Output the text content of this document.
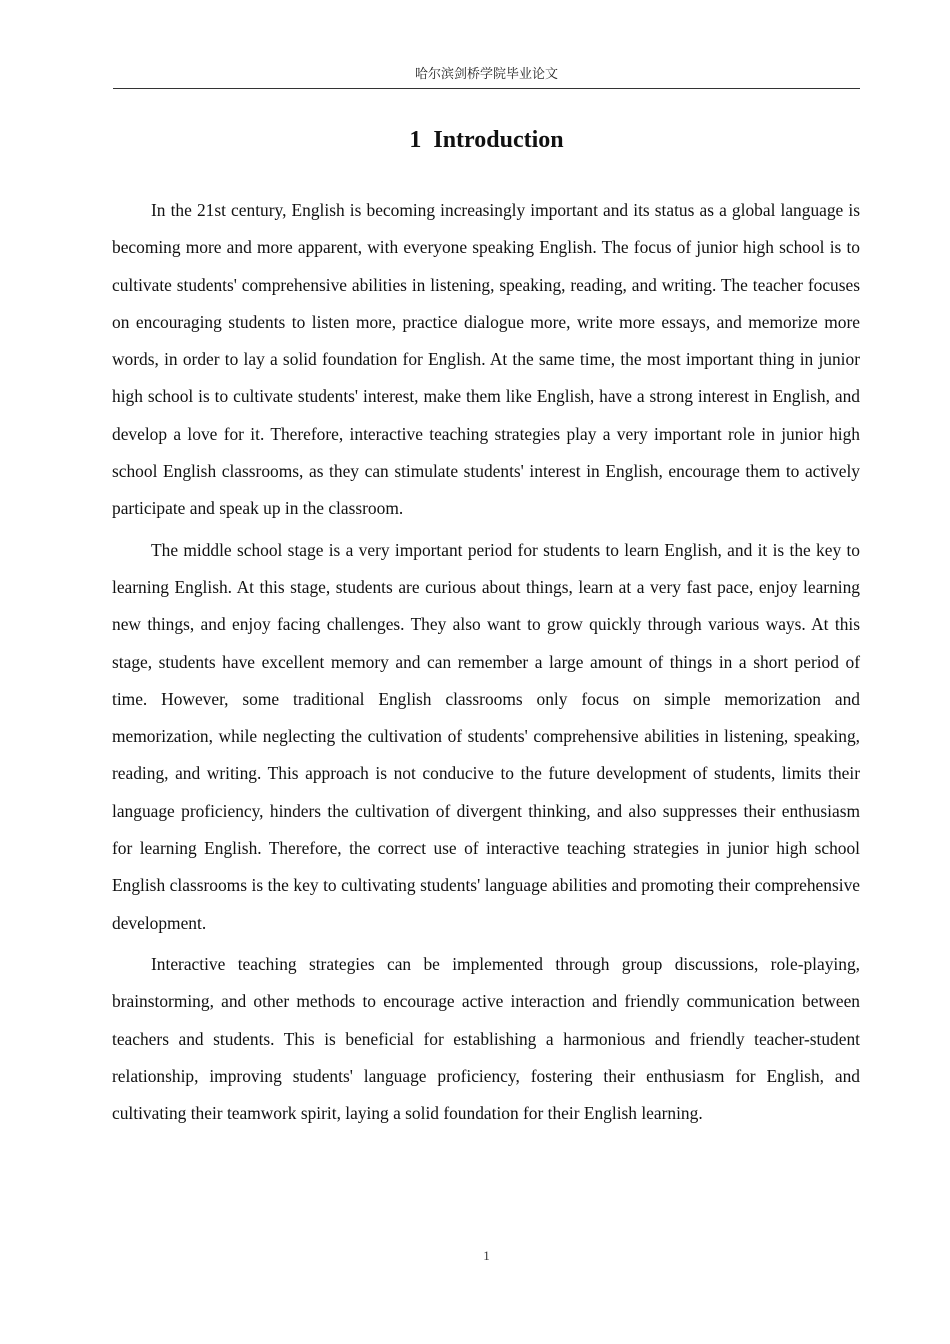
哈尔滨剑桥学院毕业论文
1 Introduction

In the 21st century, English is becoming increasingly important and its status as a global language is becoming more and more apparent, with everyone speaking English. The focus of junior high school is to cultivate students' comprehensive abilities in listening, speaking, reading, and writing. The teacher focuses on encouraging students to listen more, practice dialogue more, write more essays, and memorize more words, in order to lay a solid foundation for English. At the same time, the most important thing in junior high school is to cultivate students' interest, make them like English, have a strong interest in English, and develop a love for it. Therefore, interactive teaching strategies play a very important role in junior high school English classrooms, as they can stimulate students' interest in English, encourage them to actively participate and speak up in the classroom.

The middle school stage is a very important period for students to learn English, and it is the key to learning English. At this stage, students are curious about things, learn at a very fast pace, enjoy learning new things, and enjoy facing challenges. They also want to grow quickly through various ways. At this stage, students have excellent memory and can remember a large amount of things in a short period of time. However, some traditional English classrooms only focus on simple memorization and memorization, while neglecting the cultivation of students' comprehensive abilities in listening, speaking, reading, and writing. This approach is not conducive to the future development of students, limits their language proficiency, hinders the cultivation of divergent thinking, and also suppresses their enthusiasm for learning English. Therefore, the correct use of interactive teaching strategies in junior high school English classrooms is the key to cultivating students' language abilities and promoting their comprehensive development.

Interactive teaching strategies can be implemented through group discussions, role-playing, brainstorming, and other methods to encourage active interaction and friendly communication between teachers and students. This is beneficial for establishing a harmonious and friendly teacher-student relationship, improving students' language proficiency, fostering their enthusiasm for English, and cultivating their teamwork spirit, laying a solid foundation for their English learning.

1
